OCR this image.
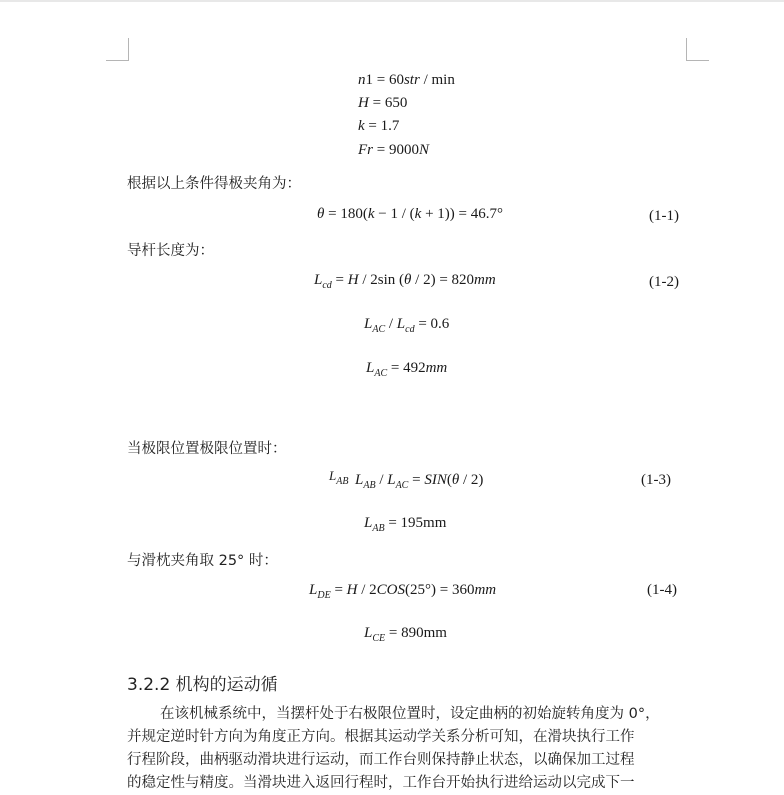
n1 = 60str / min
H = 650
k = 1.7
Fr = 9000N
根据以上条件得极夹角为：
θ = 180(k − 1 / (k + 1)) = 46.7°	(1-1)
导杆长度为：
$L_{cd} = H / 2\sin$ (θ / 2) = 820mm	(1-2)
$L_{AC} / L_{cd} = 0.6$
$L_{AC} = 492mm$
当极限位置极限位置时：
$L_{AB}$ $L_{AB} / L_{AC} = SIN(\theta / 2)$	(1-3)
$L_{AB} = 195mm$
与滑枕夹角取 25° 时：
$L_{DE} = H / 2COS(25^\circ) = 360mm$	(1-4)
$L_{CE} = 890mm$
3.2.2 机构的运动循
在该机械系统中，当摆杆处于右极限位置时，设定曲柄的初始旋转角度为 0°，
并规定逆时针方向为角度正方向。根据其运动学关系分析可知，在滑块执行工作
行程阶段，曲柄驱动滑块进行运动，而工作台则保持静止状态，以确保加工过程
的稳定性与精度。当滑块进入返回行程时，工作台开始执行进给运动以完成下一
